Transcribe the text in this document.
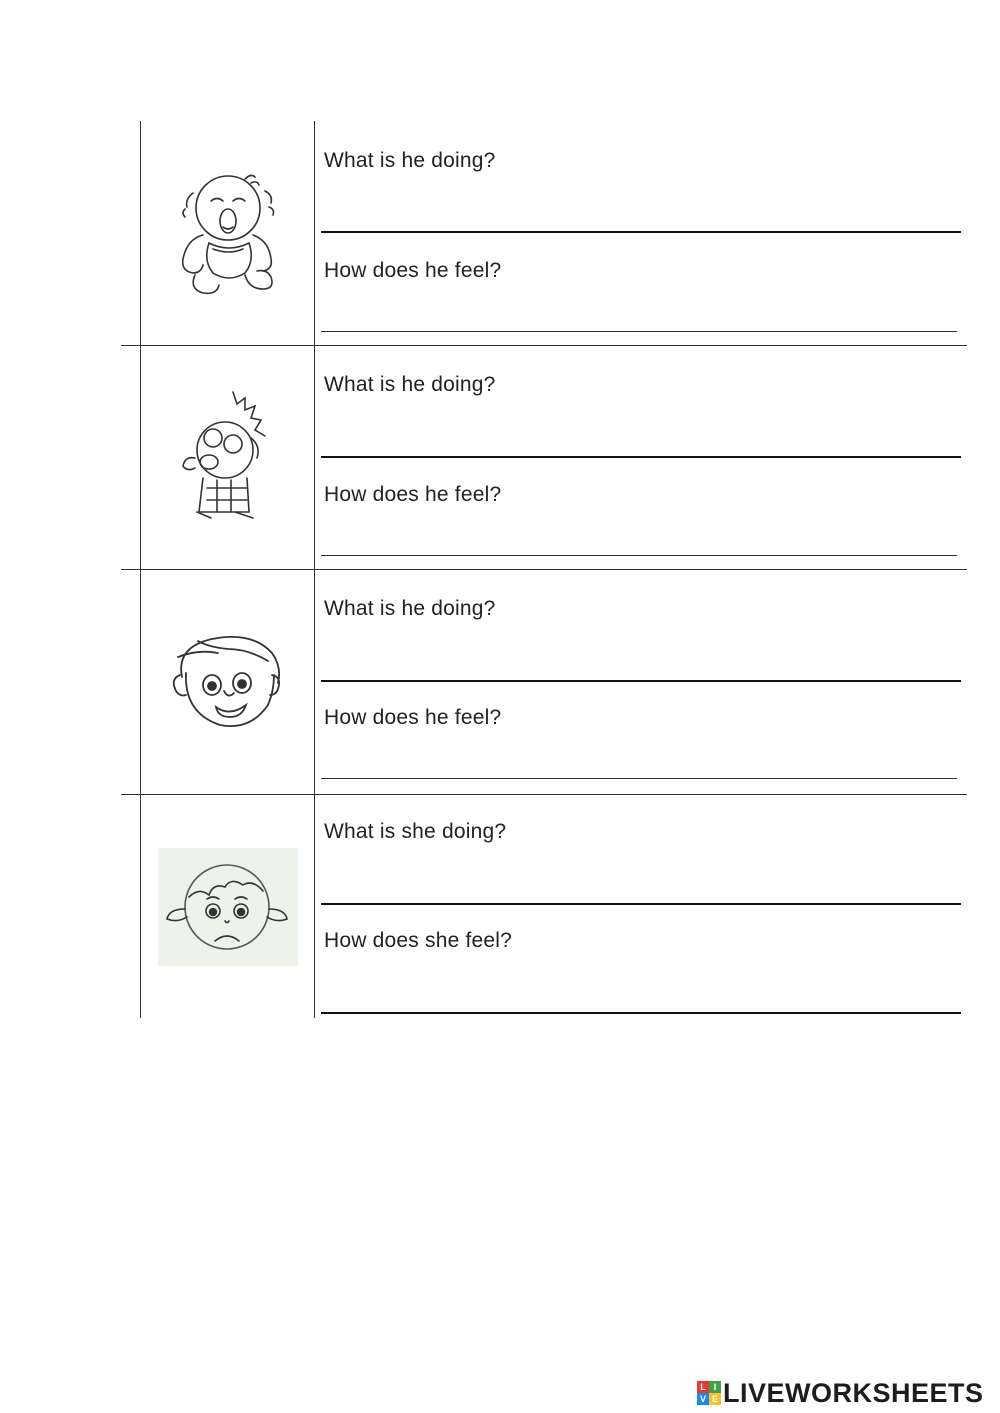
What is he doing?
How does he feel?
What is he doing?
How does he feel?
What is he doing?
How does he feel?
What is she doing?
How does she feel?
L I
V E LIVEWORKSHEETS
